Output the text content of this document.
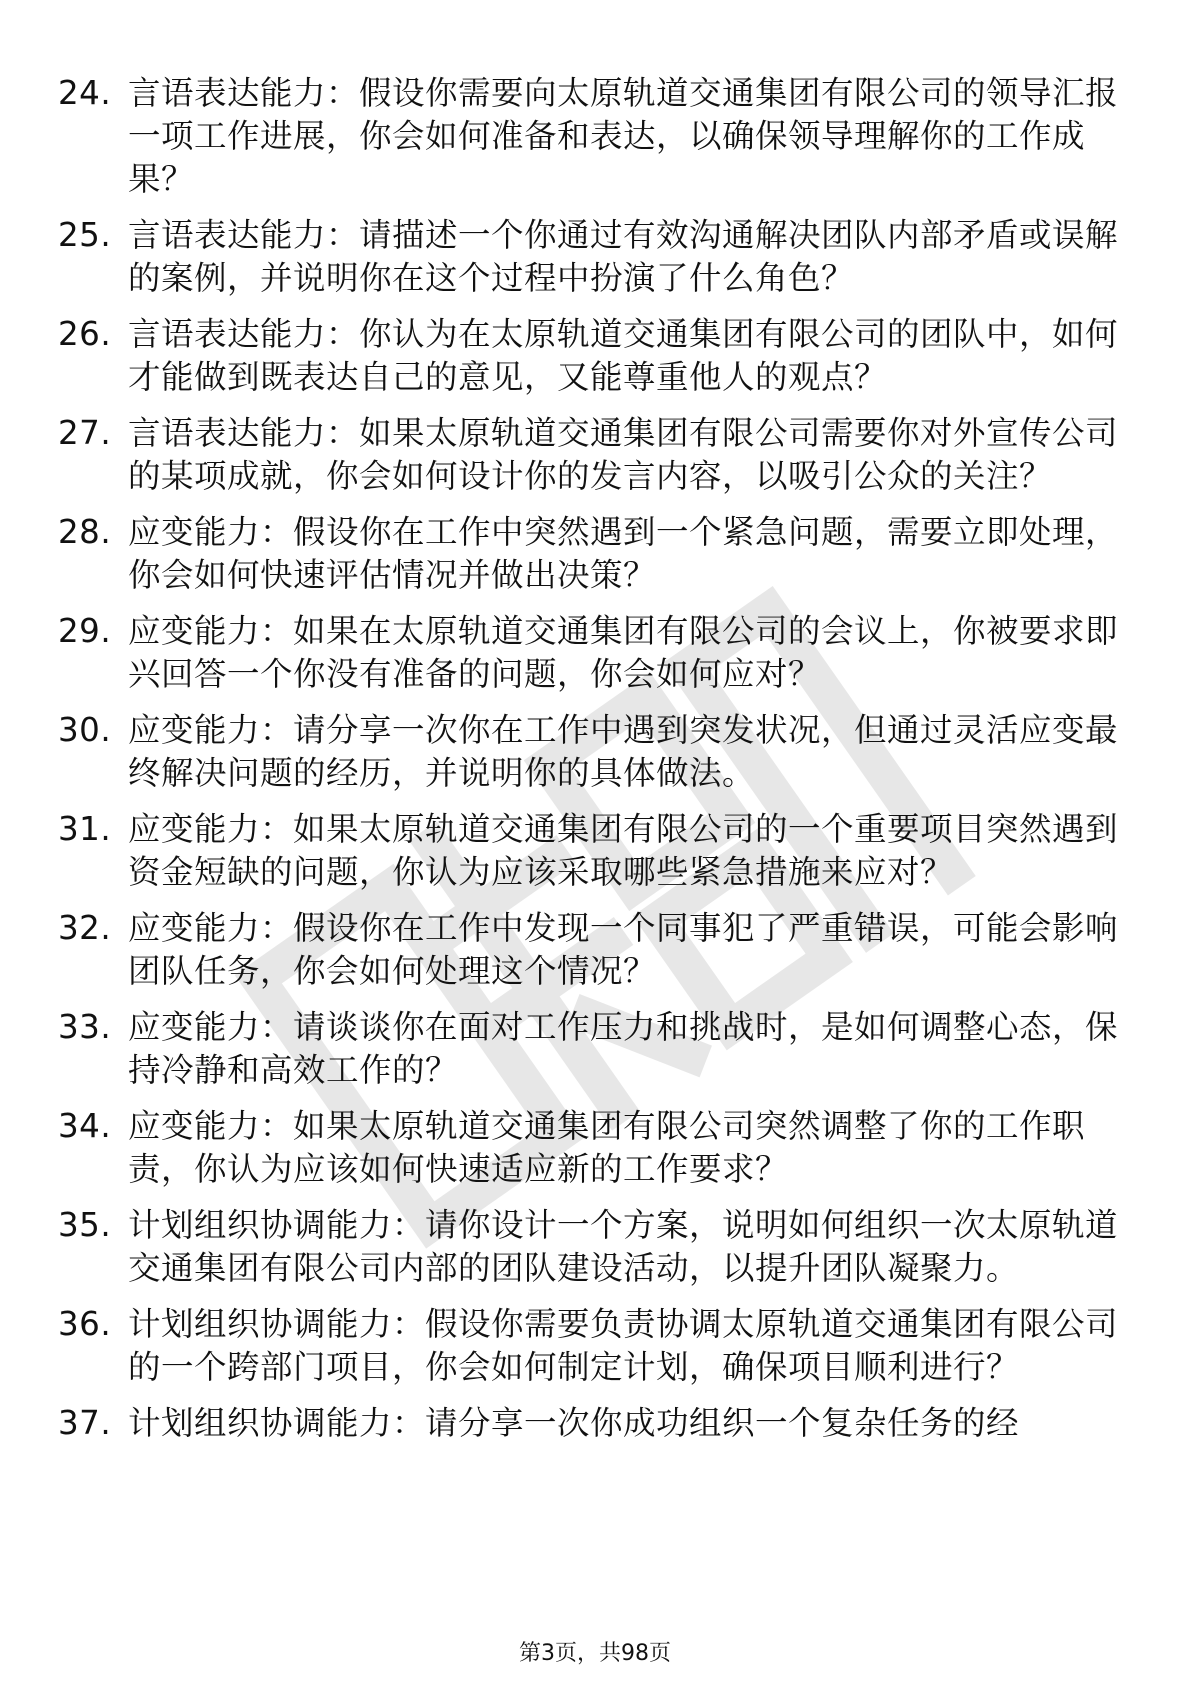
24. 言语表达能力：假设你需要向太原轨道交通集团有限公司的领导汇报一项工作进展，你会如何准备和表达，以确保领导理解你的工作成果？
25. 言语表达能力：请描述一个你通过有效沟通解决团队内部矛盾或误解的案例，并说明你在这个过程中扮演了什么角色？
26. 言语表达能力：你认为在太原轨道交通集团有限公司的团队中，如何才能做到既表达自己的意见，又能尊重他人的观点？
27. 言语表达能力：如果太原轨道交通集团有限公司需要你对外宣传公司的某项成就，你会如何设计你的发言内容，以吸引公众的关注？
28. 应变能力：假设你在工作中突然遇到一个紧急问题，需要立即处理，你会如何快速评估情况并做出决策？
29. 应变能力：如果在太原轨道交通集团有限公司的会议上，你被要求即兴回答一个你没有准备的问题，你会如何应对？
30. 应变能力：请分享一次你在工作中遇到突发状况，但通过灵活应变最终解决问题的经历，并说明你的具体做法。
31. 应变能力：如果太原轨道交通集团有限公司的一个重要项目突然遇到资金短缺的问题，你认为应该采取哪些紧急措施来应对？
32. 应变能力：假设你在工作中发现一个同事犯了严重错误，可能会影响团队任务，你会如何处理这个情况？
33. 应变能力：请谈谈你在面对工作压力和挑战时，是如何调整心态，保持冷静和高效工作的？
34. 应变能力：如果太原轨道交通集团有限公司突然调整了你的工作职责，你认为应该如何快速适应新的工作要求？
35. 计划组织协调能力：请你设计一个方案，说明如何组织一次太原轨道交通集团有限公司内部的团队建设活动，以提升团队凝聚力。
36. 计划组织协调能力：假设你需要负责协调太原轨道交通集团有限公司的一个跨部门项目，你会如何制定计划，确保项目顺利进行？
37. 计划组织协调能力：请分享一次你成功组织一个复杂任务的经
第3页，共98页
